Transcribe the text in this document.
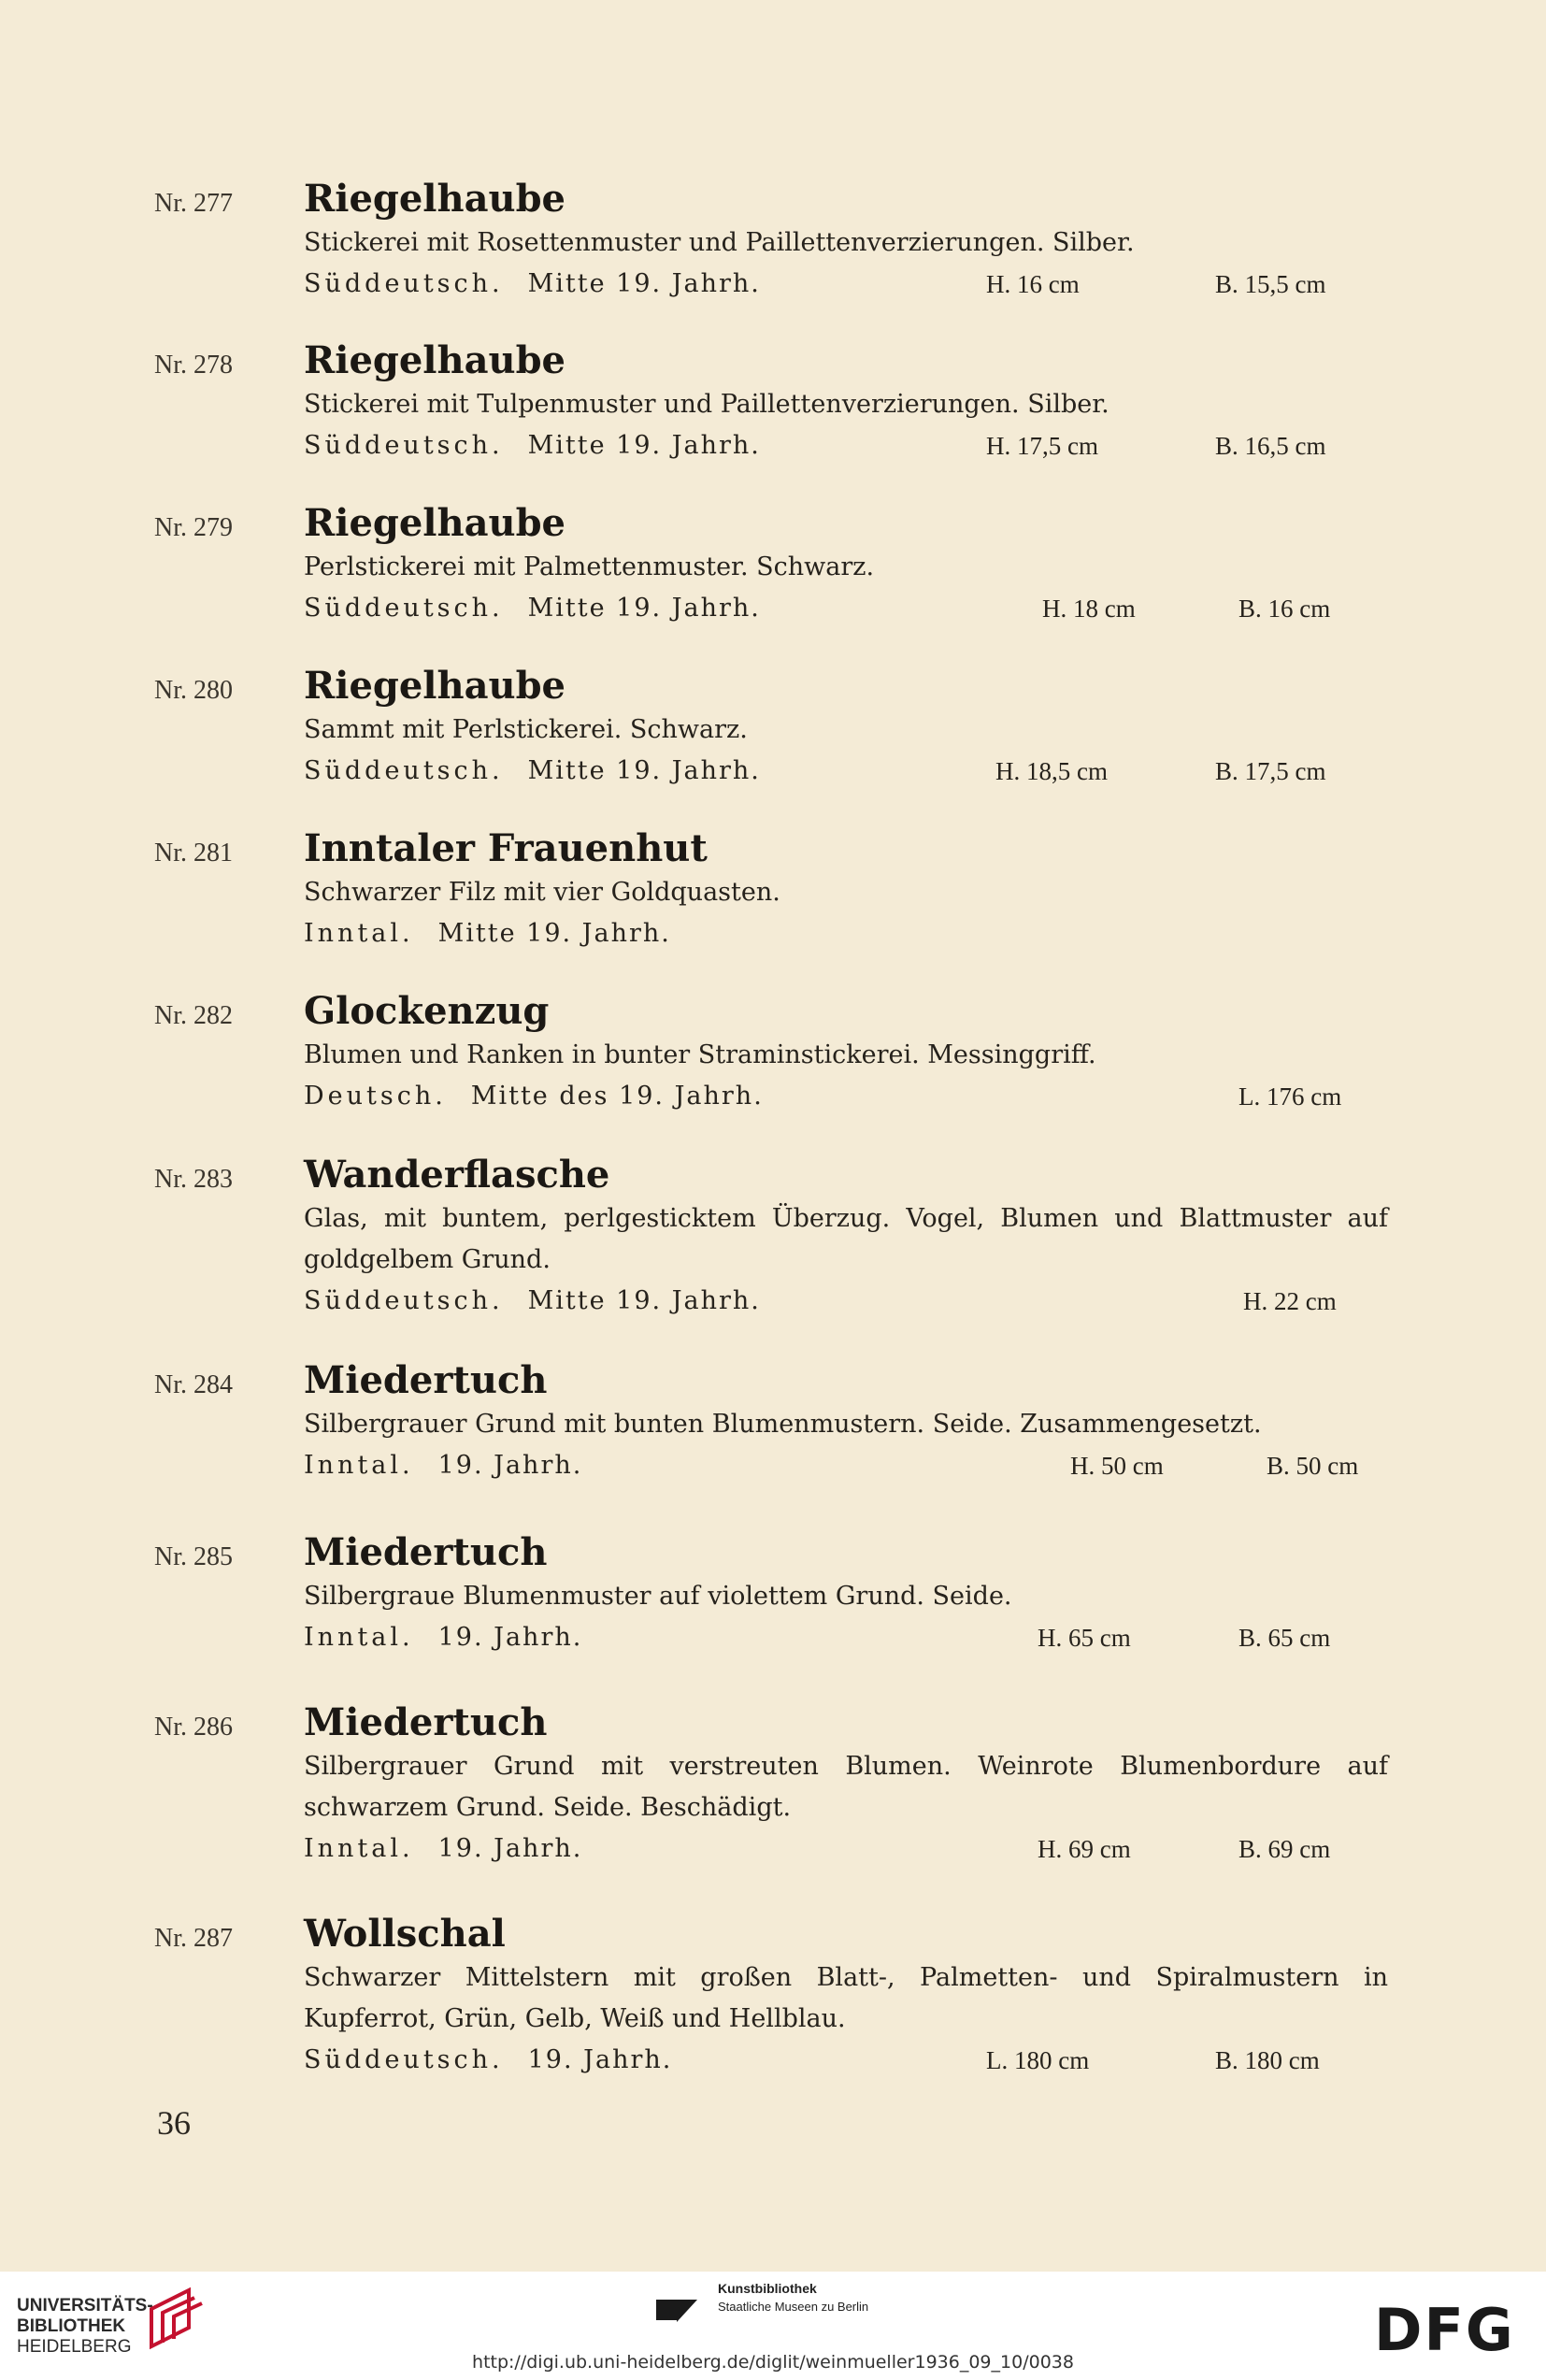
Nr. 277 Riegelhaube
Stickerei mit Rosettenmuster und Paillettenverzierungen. Silber.
Süddeutsch. Mitte 19. Jahrh.	H. 16 cm	B. 15,5 cm
Nr. 278 Riegelhaube
Stickerei mit Tulpenmuster und Paillettenverzierungen. Silber.
Süddeutsch. Mitte 19. Jahrh.	H. 17,5 cm	B. 16,5 cm
Nr. 279 Riegelhaube
Perlstickerei mit Palmettenmuster. Schwarz.
Süddeutsch. Mitte 19. Jahrh.	H. 18 cm	B. 16 cm
Nr. 280 Riegelhaube
Sammt mit Perlstickerei. Schwarz.
Süddeutsch. Mitte 19. Jahrh.	H. 18,5 cm	B. 17,5 cm
Nr. 281 Inntaler Frauenhut
Schwarzer Filz mit vier Goldquasten.
Inntal. Mitte 19. Jahrh.
Nr. 282 Glockenzug
Blumen und Ranken in bunter Straminstickerei. Messinggriff.
Deutsch. Mitte des 19. Jahrh.	L. 176 cm
Nr. 283 Wanderflasche
Glas, mit buntem, perlgesticktem Überzug. Vogel, Blumen und Blattmuster auf goldgelbem Grund.
Süddeutsch. Mitte 19. Jahrh.	H. 22 cm
Nr. 284 Miedertuch
Silbergrauer Grund mit bunten Blumenmustern. Seide. Zusammengesetzt.
Inntal. 19. Jahrh.	H. 50 cm	B. 50 cm
Nr. 285 Miedertuch
Silbergraue Blumenmuster auf violettem Grund. Seide.
Inntal. 19. Jahrh.	H. 65 cm	B. 65 cm
Nr. 286 Miedertuch
Silbergrauer Grund mit verstreuten Blumen. Weinrote Blumenbordure auf schwarzem Grund. Seide. Beschädigt.
Inntal. 19. Jahrh.	H. 69 cm	B. 69 cm
Nr. 287 Wollschal
Schwarzer Mittelstern mit großen Blatt-, Palmetten- und Spiralmustern in Kupferrot, Grün, Gelb, Weiß und Hellblau.
Süddeutsch. 19. Jahrh.	L. 180 cm	B. 180 cm
36
UNIVERSITÄTS-
BIBLIOTHEK
HEIDELBERG
Kunstbibliothek
Staatliche Museen zu Berlin	DFG
http://digi.ub.uni-heidelberg.de/diglit/weinmueller1936_09_10/0038
